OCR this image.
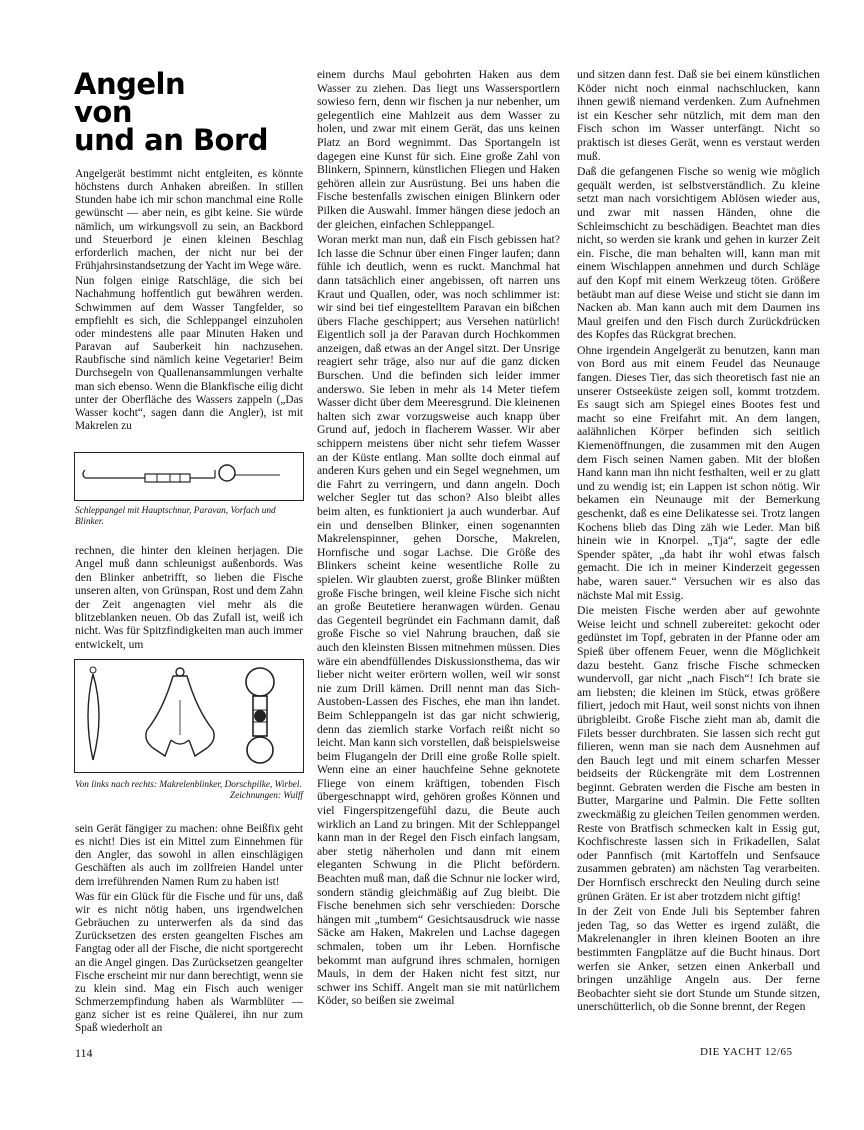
Angeln
von
und an Bord

Angelgerät bestimmt nicht entgleiten, es könnte höchstens durch Anhaken abreißen. In stillen Stunden habe ich mir schon manchmal eine Rolle gewünscht — aber nein, es gibt keine. Sie würde nämlich, um wirkungsvoll zu sein, an Backbord und Steuerbord je einen kleinen Beschlag erforderlich machen, der nicht nur bei der Frühjahrsinstandsetzung der Yacht im Wege wäre.

Nun folgen einige Ratschläge, die sich bei Nachahmung hoffentlich gut bewähren werden. Schwimmen auf dem Wasser Tangfelder, so empfiehlt es sich, die Schleppangel einzuholen oder mindestens alle paar Minuten Haken und Paravan auf Sauberkeit hin nachzusehen. Raubfische sind nämlich keine Vegetarier! Beim Durchsegeln von Quallenansammlungen verhalte man sich ebenso. Wenn die Blankfische eilig dicht unter der Oberfläche des Wassers zappeln („Das Wasser kocht“, sagen dann die Angler), ist mit Makrelen zu

Schleppangel mit Hauptschnur, Paravan, Vorfach und Blinker.

rechnen, die hinter den kleinen herjagen. Die Angel muß dann schleunigst außenbords. Was den Blinker anbetrifft, so lieben die Fische unseren alten, von Grünspan, Rost und dem Zahn der Zeit angenagten viel mehr als die blitzeblanken neuen. Ob das Zufall ist, weiß ich nicht. Was für Spitzfindigkeiten man auch immer entwickelt, um

Von links nach rechts: Makrelenblinker, Dorschpilke, Wirbel.
Zeichnungen: Wulff

sein Gerät fängiger zu machen: ohne Beißfix geht es nicht! Dies ist ein Mittel zum Einnehmen für den Angler, das sowohl in allen einschlägigen Geschäften als auch im zollfreien Handel unter dem irreführenden Namen Rum zu haben ist!

Was für ein Glück für die Fische und für uns, daß wir es nicht nötig haben, uns irgendwelchen Gebräuchen zu unterwerfen als da sind das Zurücksetzen des ersten geangelten Fisches am Fangtag oder all der Fische, die nicht sportgerecht an die Angel gingen. Das Zurücksetzen geangelter Fische erscheint mir nur dann berechtigt, wenn sie zu klein sind. Mag ein Fisch auch weniger Schmerzempfindung haben als Warmblüter — ganz sicher ist es reine Quälerei, ihn nur zum Spaß wiederholt an

einem durchs Maul gebohrten Haken aus dem Wasser zu ziehen. Das liegt uns Wassersportlern sowieso fern, denn wir fischen ja nur nebenher, um gelegentlich eine Mahlzeit aus dem Wasser zu holen, und zwar mit einem Gerät, das uns keinen Platz an Bord wegnimmt. Das Sportangeln ist dagegen eine Kunst für sich. Eine große Zahl von Blinkern, Spinnern, künstlichen Fliegen und Haken gehören allein zur Ausrüstung. Bei uns haben die Fische bestenfalls zwischen einigen Blinkern oder Pilken die Auswahl. Immer hängen diese jedoch an der gleichen, einfachen Schleppangel.

Woran merkt man nun, daß ein Fisch gebissen hat? Ich lasse die Schnur über einen Finger laufen; dann fühle ich deutlich, wenn es ruckt. Manchmal hat dann tatsächlich einer angebissen, oft narren uns Kraut und Quallen, oder, was noch schlimmer ist: wir sind bei tief eingestelltem Paravan ein bißchen übers Flache geschippert; aus Versehen natürlich! Eigentlich soll ja der Paravan durch Hochkommen anzeigen, daß etwas an der Angel sitzt. Der Unsrige reagiert sehr träge, also nur auf die ganz dicken Burschen. Und die befinden sich leider immer anderswo. Sie leben in mehr als 14 Meter tiefem Wasser dicht über dem Meeresgrund. Die kleinenen halten sich zwar vorzugsweise auch knapp über Grund auf, jedoch in flacherem Wasser. Wir aber schippern meistens über nicht sehr tiefem Wasser an der Küste entlang. Man sollte doch einmal auf anderen Kurs gehen und ein Segel wegnehmen, um die Fahrt zu verringern, und dann angeln. Doch welcher Segler tut das schon? Also bleibt alles beim alten, es funktioniert ja auch wunderbar. Auf ein und denselben Blinker, einen sogenannten Makrelenspinner, gehen Dorsche, Makrelen, Hornfische und sogar Lachse. Die Größe des Blinkers scheint keine wesentliche Rolle zu spielen. Wir glaubten zuerst, große Blinker müßten große Fische bringen, weil kleine Fische sich nicht an große Beutetiere heranwagen würden. Genau das Gegenteil begründet ein Fachmann damit, daß große Fische so viel Nahrung brauchen, daß sie auch den kleinsten Bissen mitnehmen müssen. Dies wäre ein abendfüllendes Diskussionsthema, das wir lieber nicht weiter erörtern wollen, weil wir sonst nie zum Drill kämen. Drill nennt man das Sich-Austoben-Lassen des Fisches, ehe man ihn landet. Beim Schleppangeln ist das gar nicht schwierig, denn das ziemlich starke Vorfach reißt nicht so leicht. Man kann sich vorstellen, daß beispielsweise beim Flugangeln der Drill eine große Rolle spielt. Wenn eine an einer hauchfeine Sehne geknotete Fliege von einem kräftigen, tobenden Fisch übergeschnappt wird, gehören großes Können und viel Fingerspitzengefühl dazu, die Beute auch wirklich an Land zu bringen. Mit der Schleppangel kann man in der Regel den Fisch einfach langsam, aber stetig näherholen und dann mit einem eleganten Schwung in die Plicht befördern. Beachten muß man, daß die Schnur nie locker wird, sondern ständig gleichmäßig auf Zug bleibt. Die Fische benehmen sich sehr verschieden: Dorsche hängen mit „tumbem“ Gesichtsausdruck wie nasse Säcke am Haken, Makrelen und Lachse dagegen schmalen, toben um ihr Leben. Hornfische bekommt man aufgrund ihres schmalen, hornigen Mauls, in dem der Haken nicht fest sitzt, nur schwer ins Schiff. Angelt man sie mit natürlichem Köder, so beißen sie zweimal

und sitzen dann fest. Daß sie bei einem künstlichen Köder nicht noch einmal nachschlucken, kann ihnen gewiß niemand verdenken. Zum Aufnehmen ist ein Kescher sehr nützlich, mit dem man den Fisch schon im Wasser unterfängt. Nicht so praktisch ist dieses Gerät, wenn es verstaut werden muß.

Daß die gefangenen Fische so wenig wie möglich gequält werden, ist selbstverständlich. Zu kleine setzt man nach vorsichtigem Ablösen wieder aus, und zwar mit nassen Händen, ohne die Schleimschicht zu beschädigen. Beachtet man dies nicht, so werden sie krank und gehen in kurzer Zeit ein. Fische, die man behalten will, kann man mit einem Wischlappen annehmen und durch Schläge auf den Kopf mit einem Werkzeug töten. Größere betäubt man auf diese Weise und sticht sie dann im Nacken ab. Man kann auch mit dem Daumen ins Maul greifen und den Fisch durch Zurückdrücken des Kopfes das Rückgrat brechen.

Ohne irgendein Angelgerät zu benutzen, kann man von Bord aus mit einem Feudel das Neunauge fangen. Dieses Tier, das sich theoretisch fast nie an unserer Ostseeküste zeigen soll, kommt trotzdem. Es saugt sich am Spiegel eines Bootes fest und macht so eine Freifahrt mit. An dem langen, aalähnlichen Körper befinden sich seitlich Kiemenöffnungen, die zusammen mit den Augen dem Fisch seinen Namen gaben. Mit der bloßen Hand kann man ihn nicht festhalten, weil er zu glatt und zu wendig ist; ein Lappen ist schon nötig. Wir bekamen ein Neunauge mit der Bemerkung geschenkt, daß es eine Delikatesse sei. Trotz langen Kochens blieb das Ding zäh wie Leder. Man biß hinein wie in Knorpel. „Tja“, sagte der edle Spender später, „da habt ihr wohl etwas falsch gemacht. Die ich in meiner Kinderzeit gegessen habe, waren sauer.“ Versuchen wir es also das nächste Mal mit Essig.

Die meisten Fische werden aber auf gewohnte Weise leicht und schnell zubereitet: gekocht oder gedünstet im Topf, gebraten in der Pfanne oder am Spieß über offenem Feuer, wenn die Möglichkeit dazu besteht. Ganz frische Fische schmecken wundervoll, gar nicht „nach Fisch“! Ich brate sie am liebsten; die kleinen im Stück, etwas größere filiert, jedoch mit Haut, weil sonst nichts von ihnen übrigbleibt. Große Fische zieht man ab, damit die Filets besser durchbraten. Sie lassen sich recht gut filieren, wenn man sie nach dem Ausnehmen auf den Bauch legt und mit einem scharfen Messer beidseits der Rückengräte mit dem Lostrennen beginnt. Gebraten werden die Fische am besten in Butter, Margarine und Palmin. Die Fette sollten zweckmäßig zu gleichen Teilen genommen werden. Reste von Bratfisch schmecken kalt in Essig gut, Kochfischreste lassen sich in Frikadellen, Salat oder Pannfisch (mit Kartoffeln und Senfsauce zusammen gebraten) am nächsten Tag verarbeiten. Der Hornfisch erschreckt den Neuling durch seine grünen Gräten. Er ist aber trotzdem nicht giftig!

In der Zeit von Ende Juli bis September fahren jeden Tag, so das Wetter es irgend zuläßt, die Makrelenangler in ihren kleinen Booten an ihre bestimmten Fangplätze auf die Bucht hinaus. Dort werfen sie Anker, setzen einen Ankerball und bringen unzählige Angeln aus. Der ferne Beobachter sieht sie dort Stunde um Stunde sitzen, unerschütterlich, ob die Sonne brennt, der Regen

114	DIE YACHT 12/65
